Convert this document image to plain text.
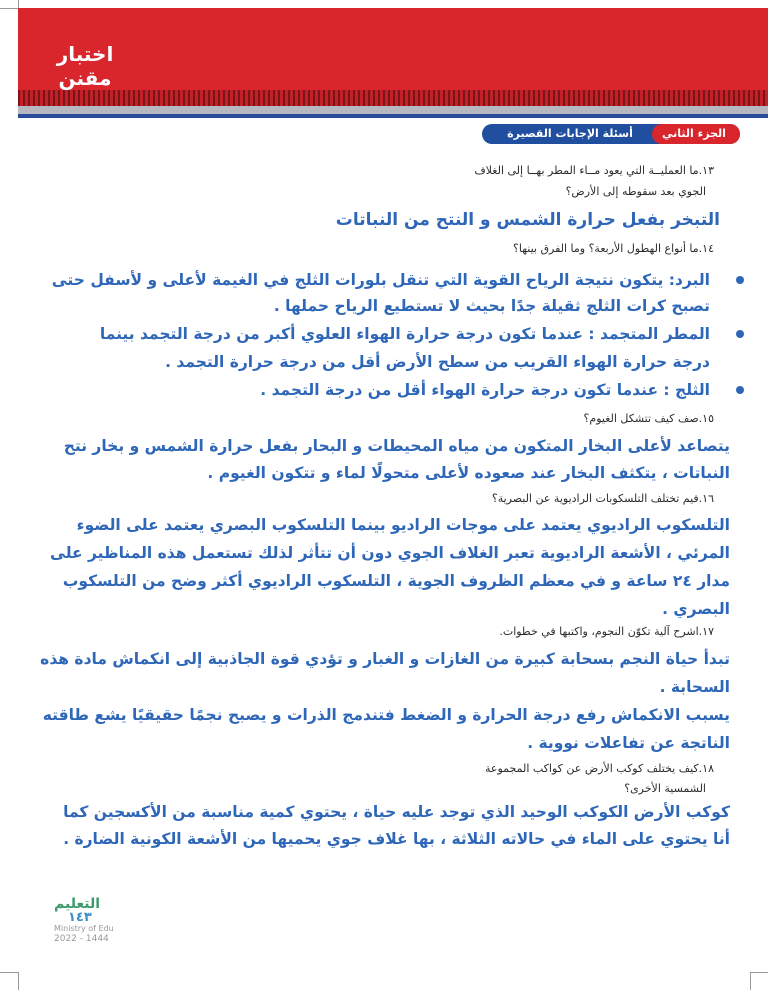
اختبار
مقنن
الجزء الثاني
أسئلة الإجابات القصيرة
١٣.ما العمليــة التي يعود مــاء المطر بهــا إلى الغلاف
الجوي بعد سقوطه إلى الأرض؟
التبخر بفعل حرارة الشمس و النتح من النباتات
١٤.ما أنواع الهطول الأربعة؟ وما الفرق بينها؟
البرد: يتكون نتيجة الرياح القوية التي تنقل بلورات الثلج في الغيمة لأعلى و لأسفل حتى
تصبح كرات الثلج ثقيلة جدًا بحيث لا تستطيع الرياح حملها .
المطر المتجمد : عندما تكون درجة حرارة الهواء العلوي أكبر من درجة التجمد بينما
درجة حرارة الهواء القريب من سطح الأرض أقل من درجة حرارة التجمد .
الثلج : عندما تكون درجة حرارة الهواء أقل من درجة التجمد .
١٥.صف كيف تتشكل الغيوم؟
يتصاعد لأعلى البخار المتكون من مياه المحيطات و البحار بفعل حرارة الشمس و بخار نتح
النباتات ، يتكثف البخار عند صعوده لأعلى متحولًا لماء و تتكون الغيوم .
١٦.فيم تختلف التلسكوبات الراديوية عن البصرية؟
التلسكوب الراديوي يعتمد على موجات الراديو بينما التلسكوب البصري يعتمد على الضوء
المرئي ، الأشعة الراديوية تعبر الغلاف الجوي دون أن تتأثر لذلك تستعمل هذه المناظير على
مدار ٢٤ ساعة و في معظم الظروف الجوية ، التلسكوب الراديوي أكثر وضح من التلسكوب
البصري .
١٧.اشرح آلية تكوّن النجوم، واكتبها في خطوات.
تبدأ حياة النجم بسحابة كبيرة من الغازات و الغبار و تؤدي قوة الجاذبية إلى انكماش مادة هذه
السحابة .
يسبب الانكماش رفع درجة الحرارة و الضغط فتندمج الذرات و يصبح نجمًا حقيقيًا يشع طاقته
الناتجة عن تفاعلات نووية .
١٨.كيف يختلف كوكب الأرض عن كواكب المجموعة
الشمسية الأخرى؟
كوكب الأرض الكوكب الوحيد الذي توجد عليه حياة ، يحتوي كمية مناسبة من الأكسجين كما
أنا يحتوي على الماء في حالاته الثلاثة ، بها غلاف جوي يحميها من الأشعة الكونية الضارة .
التعليم
١٤٣
Ministry of Edu
2022 - 1444
